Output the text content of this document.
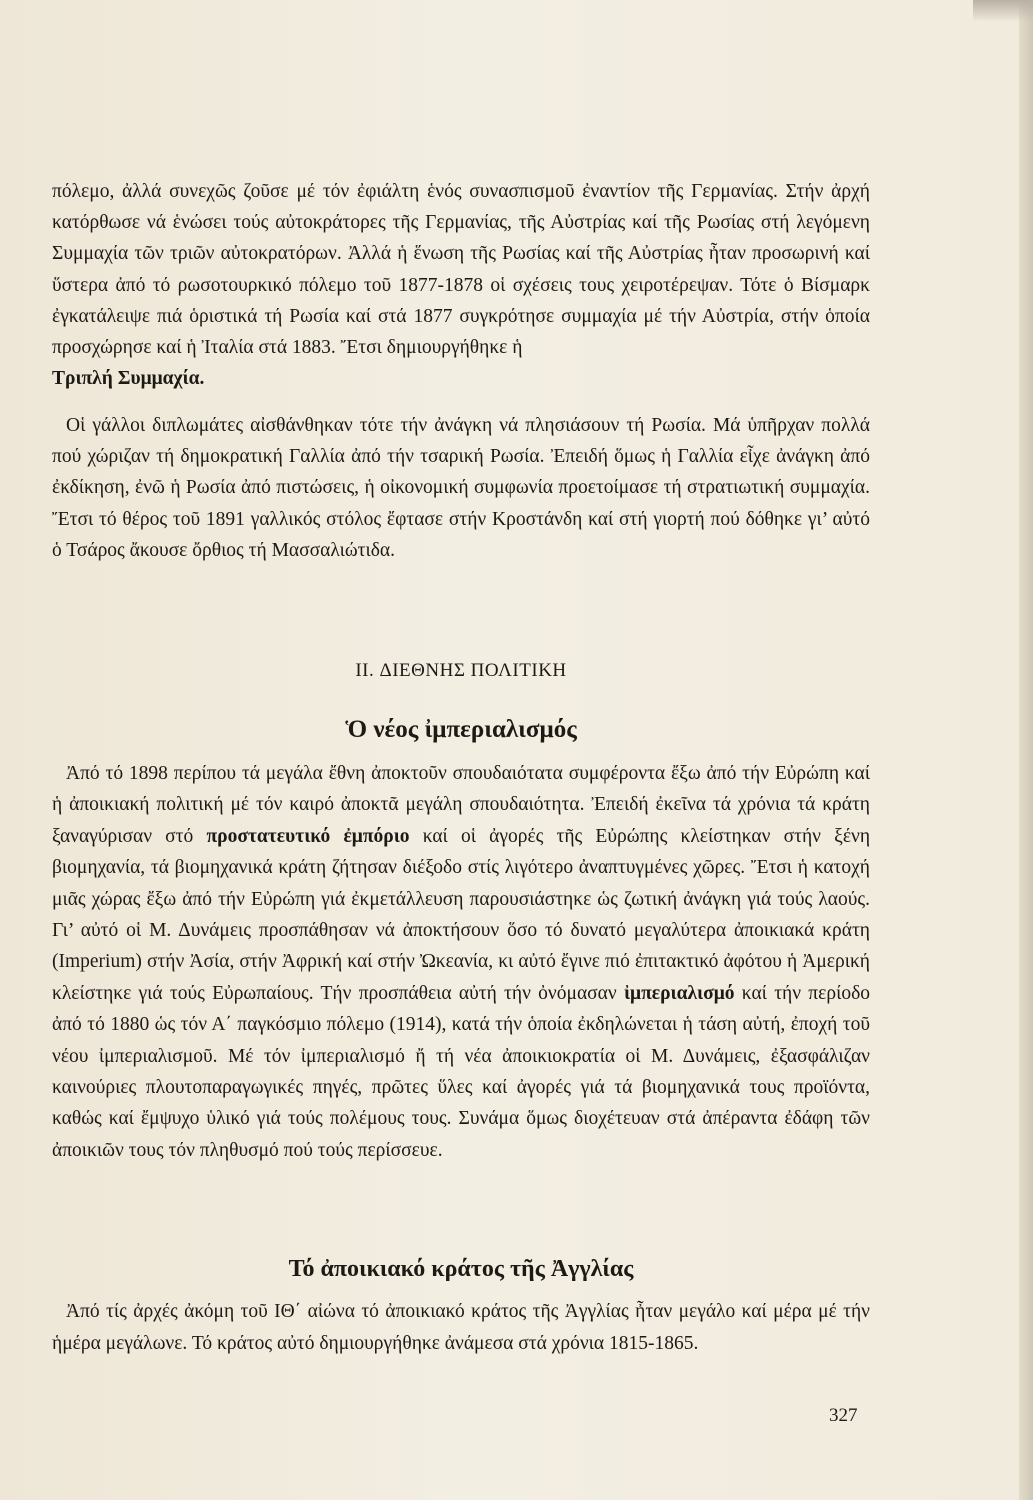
πόλεμο, ἀλλά συνεχῶς ζοῦσε μέ τόν ἐφιάλτη ἑνός συνασπισμοῦ ἐναντίον τῆς Γερμανίας. Στήν ἀρχή κατόρθωσε νά ἑνώσει τούς αὐτοκράτορες τῆς Γερμανίας, τῆς Αὐστρίας καί τῆς Ρωσίας στή λεγόμενη Συμμαχία τῶν τριῶν αὐτοκρατόρων. Ἀλλά ἡ ἕνωση τῆς Ρωσίας καί τῆς Αὐστρίας ἦταν προσωρινή καί ὕστερα ἀπό τό ρωσοτουρκικό πόλεμο τοῦ 1877-1878 οἱ σχέσεις τους χειροτέρεψαν. Τότε ὁ Βίσμαρκ ἐγκατάλειψε πιά ὁριστικά τή Ρωσία καί στά 1877 συγκρότησε συμμαχία μέ τήν Αὐστρία, στήν ὁποία προσχώρησε καί ἡ Ἰταλία στά 1883. Ἔτσι δημιουργήθηκε ἡ
Τριπλή Συμμαχία.
Οἱ γάλλοι διπλωμάτες αἰσθάνθηκαν τότε τήν ἀνάγκη νά πλησιάσουν τή Ρωσία. Μά ὑπῆρχαν πολλά πού χώριζαν τή δημοκρατική Γαλλία ἀπό τήν τσαρική Ρωσία. Ἐπειδή ὅμως ἡ Γαλλία εἶχε ἀνάγκη ἀπό ἐκδίκηση, ἐνῶ ἡ Ρωσία ἀπό πιστώσεις, ἡ οἰκονομική συμφωνία προετοίμασε τή στρατιωτική συμμαχία. Ἔτσι τό θέρος τοῦ 1891 γαλλικός στόλος ἔφτασε στήν Κροστάνδη καί στή γιορτή πού δόθηκε γι’ αὐτό ὁ Τσάρος ἄκουσε ὄρθιος τή Μασσαλιώτιδα.
II. ΔΙΕΘΝΗΣ ΠΟΛΙΤΙΚΗ
Ὁ νέος ἰμπεριαλισμός
Ἀπό τό 1898 περίπου τά μεγάλα ἔθνη ἀποκτοῦν σπουδαιότατα συμφέροντα ἔξω ἀπό τήν Εὐρώπη καί ἡ ἀποικιακή πολιτική μέ τόν καιρό ἀποκτᾶ μεγάλη σπουδαιότητα. Ἐπειδή ἐκεῖνα τά χρόνια τά κράτη ξαναγύρισαν στό προστατευτικό ἐμπόριο καί οἱ ἀγορές τῆς Εὐρώπης κλείστηκαν στήν ξένη βιομηχανία, τά βιομηχανικά κράτη ζήτησαν διέξοδο στίς λιγότερο ἀναπτυγμένες χῶρες. Ἔτσι ἡ κατοχή μιᾶς χώρας ἔξω ἀπό τήν Εὐρώπη γιά ἐκμετάλλευση παρουσιάστηκε ὡς ζωτική ἀνάγκη γιά τούς λαούς. Γι’ αὐτό οἱ Μ. Δυνάμεις προσπάθησαν νά ἀποκτήσουν ὅσο τό δυνατό μεγαλύτερα ἀποικιακά κράτη (Imperium) στήν Ἀσία, στήν Ἀφρική καί στήν Ὠκεανία, κι αὐτό ἔγινε πιό ἐπιτακτικό ἀφότου ἡ Ἀμερική κλείστηκε γιά τούς Εὐρωπαίους. Τήν προσπάθεια αὐτή τήν ὀνόμασαν ἰμπεριαλισμό καί τήν περίοδο ἀπό τό 1880 ὡς τόν Α΄ παγκόσμιο πόλεμο (1914), κατά τήν ὁποία ἐκδηλώνεται ἡ τάση αὐτή, ἐποχή τοῦ νέου ἰμπεριαλισμοῦ. Μέ τόν ἰμπεριαλισμό ἤ τή νέα ἀποικιοκρατία οἱ Μ. Δυνάμεις, ἐξασφάλιζαν καινούριες πλουτοπαραγωγικές πηγές, πρῶτες ὕλες καί ἀγορές γιά τά βιομηχανικά τους προϊόντα, καθώς καί ἔμψυχο ὑλικό γιά τούς πολέμους τους. Συνάμα ὅμως διοχέτευαν στά ἀπέραντα ἐδάφη τῶν ἀποικιῶν τους τόν πληθυσμό πού τούς περίσσευε.
Τό ἀποικιακό κράτος τῆς Ἀγγλίας
Ἀπό τίς ἀρχές ἀκόμη τοῦ ΙΘ΄ αἰώνα τό ἀποικιακό κράτος τῆς Ἀγγλίας ἦταν μεγάλο καί μέρα μέ τήν ἡμέρα μεγάλωνε. Τό κράτος αὐτό δημιουργήθηκε ἀνάμεσα στά χρόνια 1815-1865.
327
